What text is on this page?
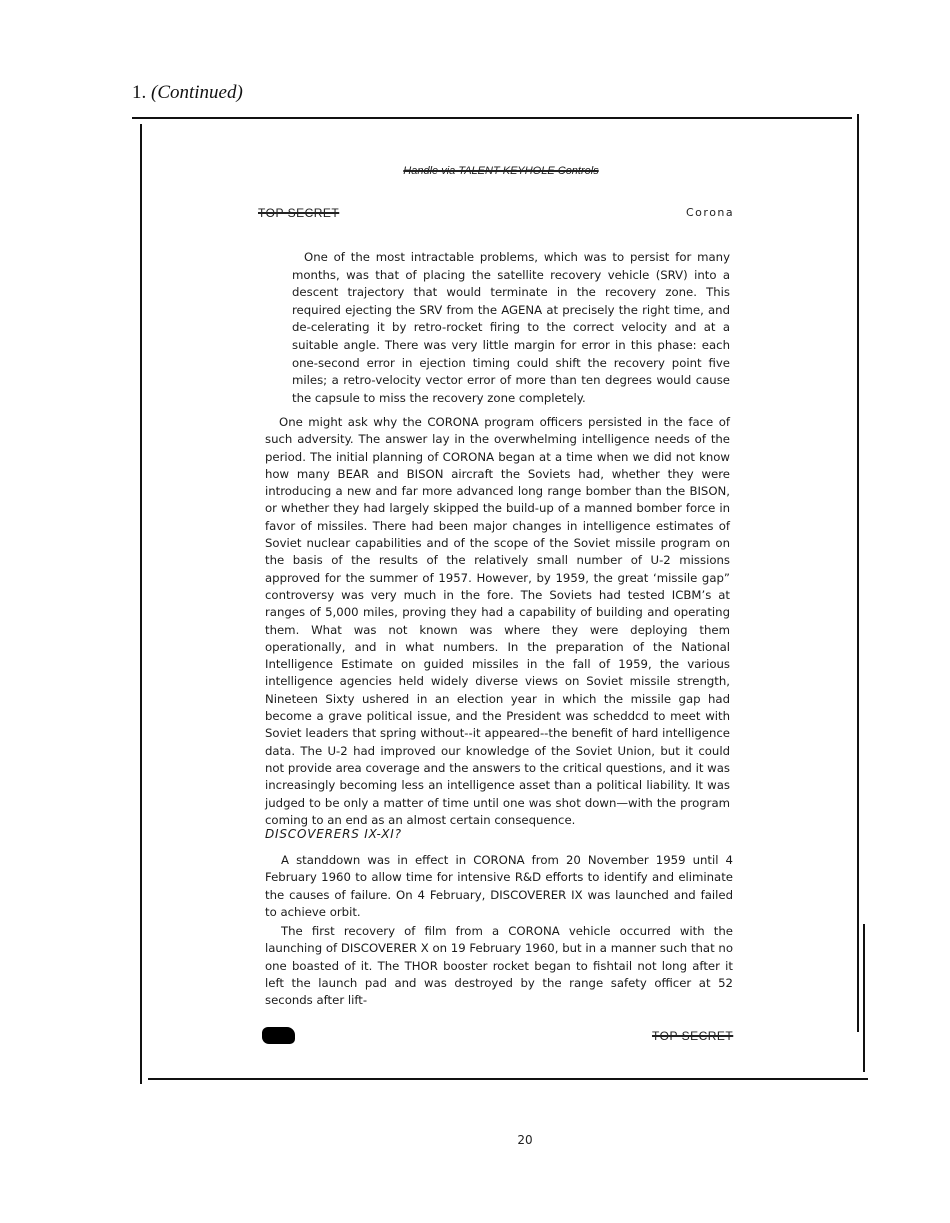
1. (Continued)
Handle via TALENT KEYHOLE Controls
TOP SECRET	Corona

One of the most intractable problems, which was to persist for many months, was that of placing the satellite recovery vehicle (SRV) into a descent trajectory that would terminate in the recovery zone. This required ejecting the SRV from the AGENA at precisely the right time, and de-celerating it by retro-rocket firing to the correct velocity and at a suitable angle. There was very little margin for error in this phase: each one-second error in ejection timing could shift the recovery point five miles; a retro-velocity vector error of more than ten degrees would cause the capsule to miss the recovery zone completely.

One might ask why the CORONA program officers persisted in the face of such adversity. The answer lay in the overwhelming intelligence needs of the period. The initial planning of CORONA began at a time when we did not know how many BEAR and BISON aircraft the Soviets had, whether they were introducing a new and far more advanced long range bomber than the BISON, or whether they had largely skipped the build-up of a manned bomber force in favor of missiles. There had been major changes in intelligence estimates of Soviet nuclear capabilities and of the scope of the Soviet missile program on the basis of the results of the relatively small number of U-2 missions approved for the summer of 1957. However, by 1959, the great ‘missile gap” controversy was very much in the fore. The Soviets had tested ICBM’s at ranges of 5,000 miles, proving they had a capability of building and operating them. What was not known was where they were deploying them operationally, and in what numbers. In the preparation of the National Intelligence Estimate on guided missiles in the fall of 1959, the various intelligence agencies held widely diverse views on Soviet missile strength, Nineteen Sixty ushered in an election year in which the missile gap had become a grave political issue, and the President was scheddcd to meet with Soviet leaders that spring without--it appeared--the benefit of hard intelligence data. The U-2 had improved our knowledge of the Soviet Union, but it could not provide area coverage and the answers to the critical questions, and it was increasingly becoming less an intelligence asset than a political liability. It was judged to be only a matter of time until one was shot down—with the program coming to an end as an almost certain consequence.

DISCOVERERS IX-XI?

A standdown was in effect in CORONA from 20 November 1959 until 4 February 1960 to allow time for intensive R&D efforts to identify and eliminate the causes of failure. On 4 February, DISCOVERER IX was launched and failed to achieve orbit.

The first recovery of film from a CORONA vehicle occurred with the launching of DISCOVERER X on 19 February 1960, but in a manner such that no one boasted of it. The THOR booster rocket began to fishtail not long after it left the launch pad and was destroyed by the range safety officer at 52 seconds after lift-

TOP SECRET
20
